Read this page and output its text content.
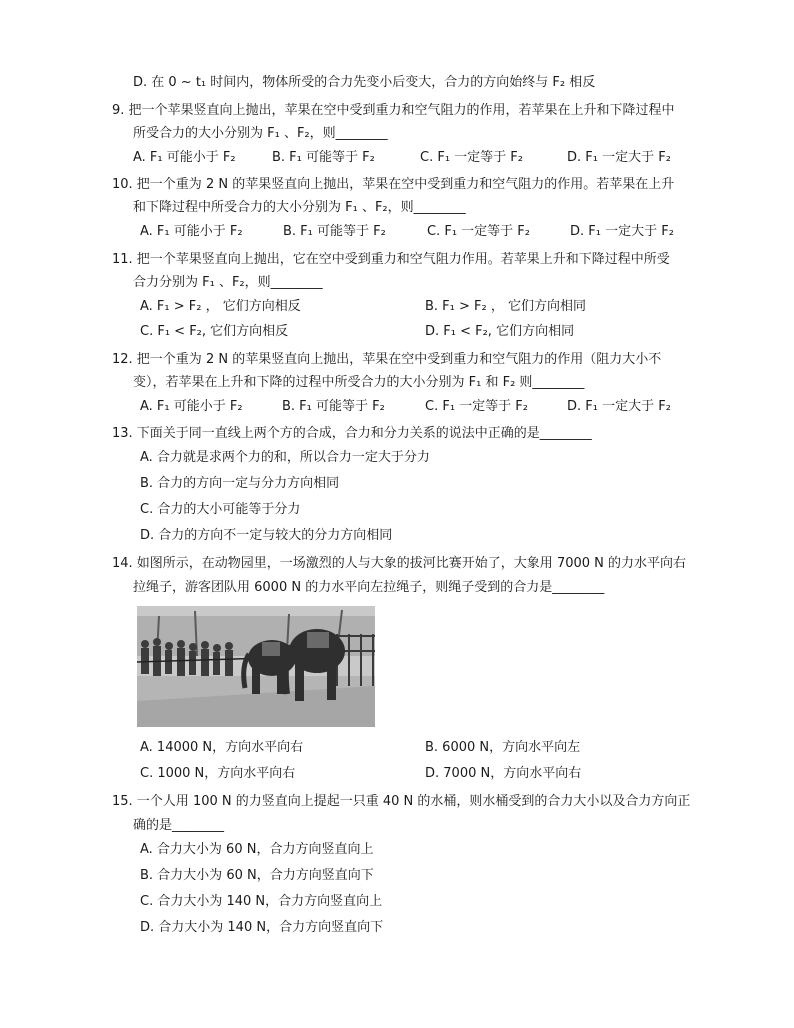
D. 在 0 ~ t₁ 时间内，物体所受的合力先变小后变大，合力的方向始终与 F₂ 相反
9. 把一个苹果竖直向上抛出，苹果在空中受到重力和空气阻力的作用，若苹果在上升和下降过程中
所受合力的大小分别为 F₁ 、F₂，则________
A. F₁ 可能小于 F₂	B. F₁ 可能等于 F₂	C. F₁ 一定等于 F₂	D. F₁ 一定大于 F₂
10. 把一个重为 2 N 的苹果竖直向上抛出，苹果在空中受到重力和空气阻力的作用。若苹果在上升
和下降过程中所受合力的大小分别为 F₁ 、F₂，则________
A. F₁ 可能小于 F₂	B. F₁ 可能等于 F₂	C. F₁ 一定等于 F₂	D. F₁ 一定大于 F₂
11. 把一个苹果竖直向上抛出，它在空中受到重力和空气阻力作用。若苹果上升和下降过程中所受
合力分别为 F₁ 、F₂，则________
A. F₁ > F₂ ， 它们方向相反	B. F₁ > F₂ ， 它们方向相同
C. F₁ < F₂, 它们方向相反	D. F₁ < F₂, 它们方向相同
12. 把一个重为 2 N 的苹果竖直向上抛出，苹果在空中受到重力和空气阻力的作用（阻力大小不
变），若苹果在上升和下降的过程中所受合力的大小分别为 F₁ 和 F₂ 则________
A. F₁ 可能小于 F₂	B. F₁ 可能等于 F₂	C. F₁ 一定等于 F₂	D. F₁ 一定大于 F₂
13. 下面关于同一直线上两个方的合成，合力和分力关系的说法中正确的是________
A. 合力就是求两个力的和，所以合力一定大于分力
B. 合力的方向一定与分力方向相同
C. 合力的大小可能等于分力
D. 合力的方向不一定与较大的分力方向相同
14. 如图所示，在动物园里，一场激烈的人与大象的拔河比赛开始了，大象用 7000 N 的力水平向右
拉绳子，游客团队用 6000 N 的力水平向左拉绳子，则绳子受到的合力是________
A. 14000 N，方向水平向右	B. 6000 N，方向水平向左
C. 1000 N，方向水平向右	D. 7000 N，方向水平向右
15. 一个人用 100 N 的力竖直向上提起一只重 40 N 的水桶，则水桶受到的合力大小以及合力方向正
确的是________
A. 合力大小为 60 N，合力方向竖直向上
B. 合力大小为 60 N，合力方向竖直向下
C. 合力大小为 140 N，合力方向竖直向上
D. 合力大小为 140 N，合力方向竖直向下
